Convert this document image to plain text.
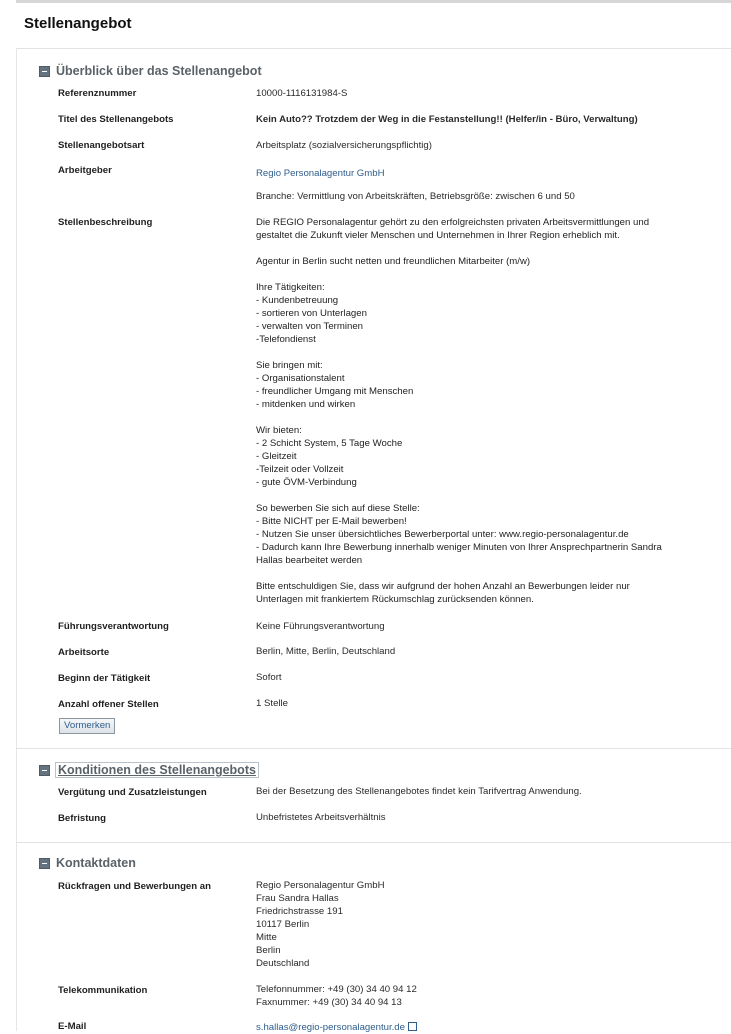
Stellenangebot
Überblick über das Stellenangebot
Referenznummer	10000-1116131984-S
Titel des Stellenangebots	Kein Auto?? Trotzdem der Weg in die Festanstellung!! (Helfer/in - Büro, Verwaltung)
Stellenangebotsart	Arbeitsplatz (sozialversicherungspflichtig)
Arbeitgeber	Regio Personalagentur GmbH
Branche: Vermittlung von Arbeitskräften, Betriebsgröße: zwischen 6 und 50
Stellenbeschreibung	Die REGIO Personalagentur gehört zu den erfolgreichsten privaten Arbeitsvermittlungen und
gestaltet die Zukunft vieler Menschen und Unternehmen in Ihrer Region erheblich mit.
Agentur in Berlin sucht netten und freundlichen Mitarbeiter (m/w)
Ihre Tätigkeiten:
- Kundenbetreuung
- sortieren von Unterlagen
- verwalten von Terminen
-Telefondienst
Sie bringen mit:
- Organisationstalent
- freundlicher Umgang mit Menschen
- mitdenken und wirken
Wir bieten:
- 2 Schicht System, 5 Tage Woche
- Gleitzeit
-Teilzeit oder Vollzeit
- gute ÖVM-Verbindung
So bewerben Sie sich auf diese Stelle:
- Bitte NICHT per E-Mail bewerben!
- Nutzen Sie unser übersichtliches Bewerberportal unter: www.regio-personalagentur.de
- Dadurch kann Ihre Bewerbung innerhalb weniger Minuten von Ihrer Ansprechpartnerin Sandra
Hallas bearbeitet werden
Bitte entschuldigen Sie, dass wir aufgrund der hohen Anzahl an Bewerbungen leider nur
Unterlagen mit frankiertem Rückumschlag zurücksenden können.
Führungsverantwortung	Keine Führungsverantwortung
Arbeitsorte	Berlin, Mitte, Berlin, Deutschland
Beginn der Tätigkeit	Sofort
Anzahl offener Stellen	1 Stelle
Vormerken
Konditionen des Stellenangebots
Vergütung und Zusatzleistungen	Bei der Besetzung des Stellenangebotes findet kein Tarifvertrag Anwendung.
Befristung	Unbefristetes Arbeitsverhältnis
Kontaktdaten
Rückfragen und Bewerbungen an	Regio Personalagentur GmbH
Frau Sandra Hallas
Friedrichstrasse 191
10117 Berlin
Mitte
Berlin
Deutschland
Telekommunikation	Telefonnummer: +49 (30) 34 40 94 12
Faxnummer: +49 (30) 34 40 94 13
E-Mail	s.hallas@regio-personalagentur.de
